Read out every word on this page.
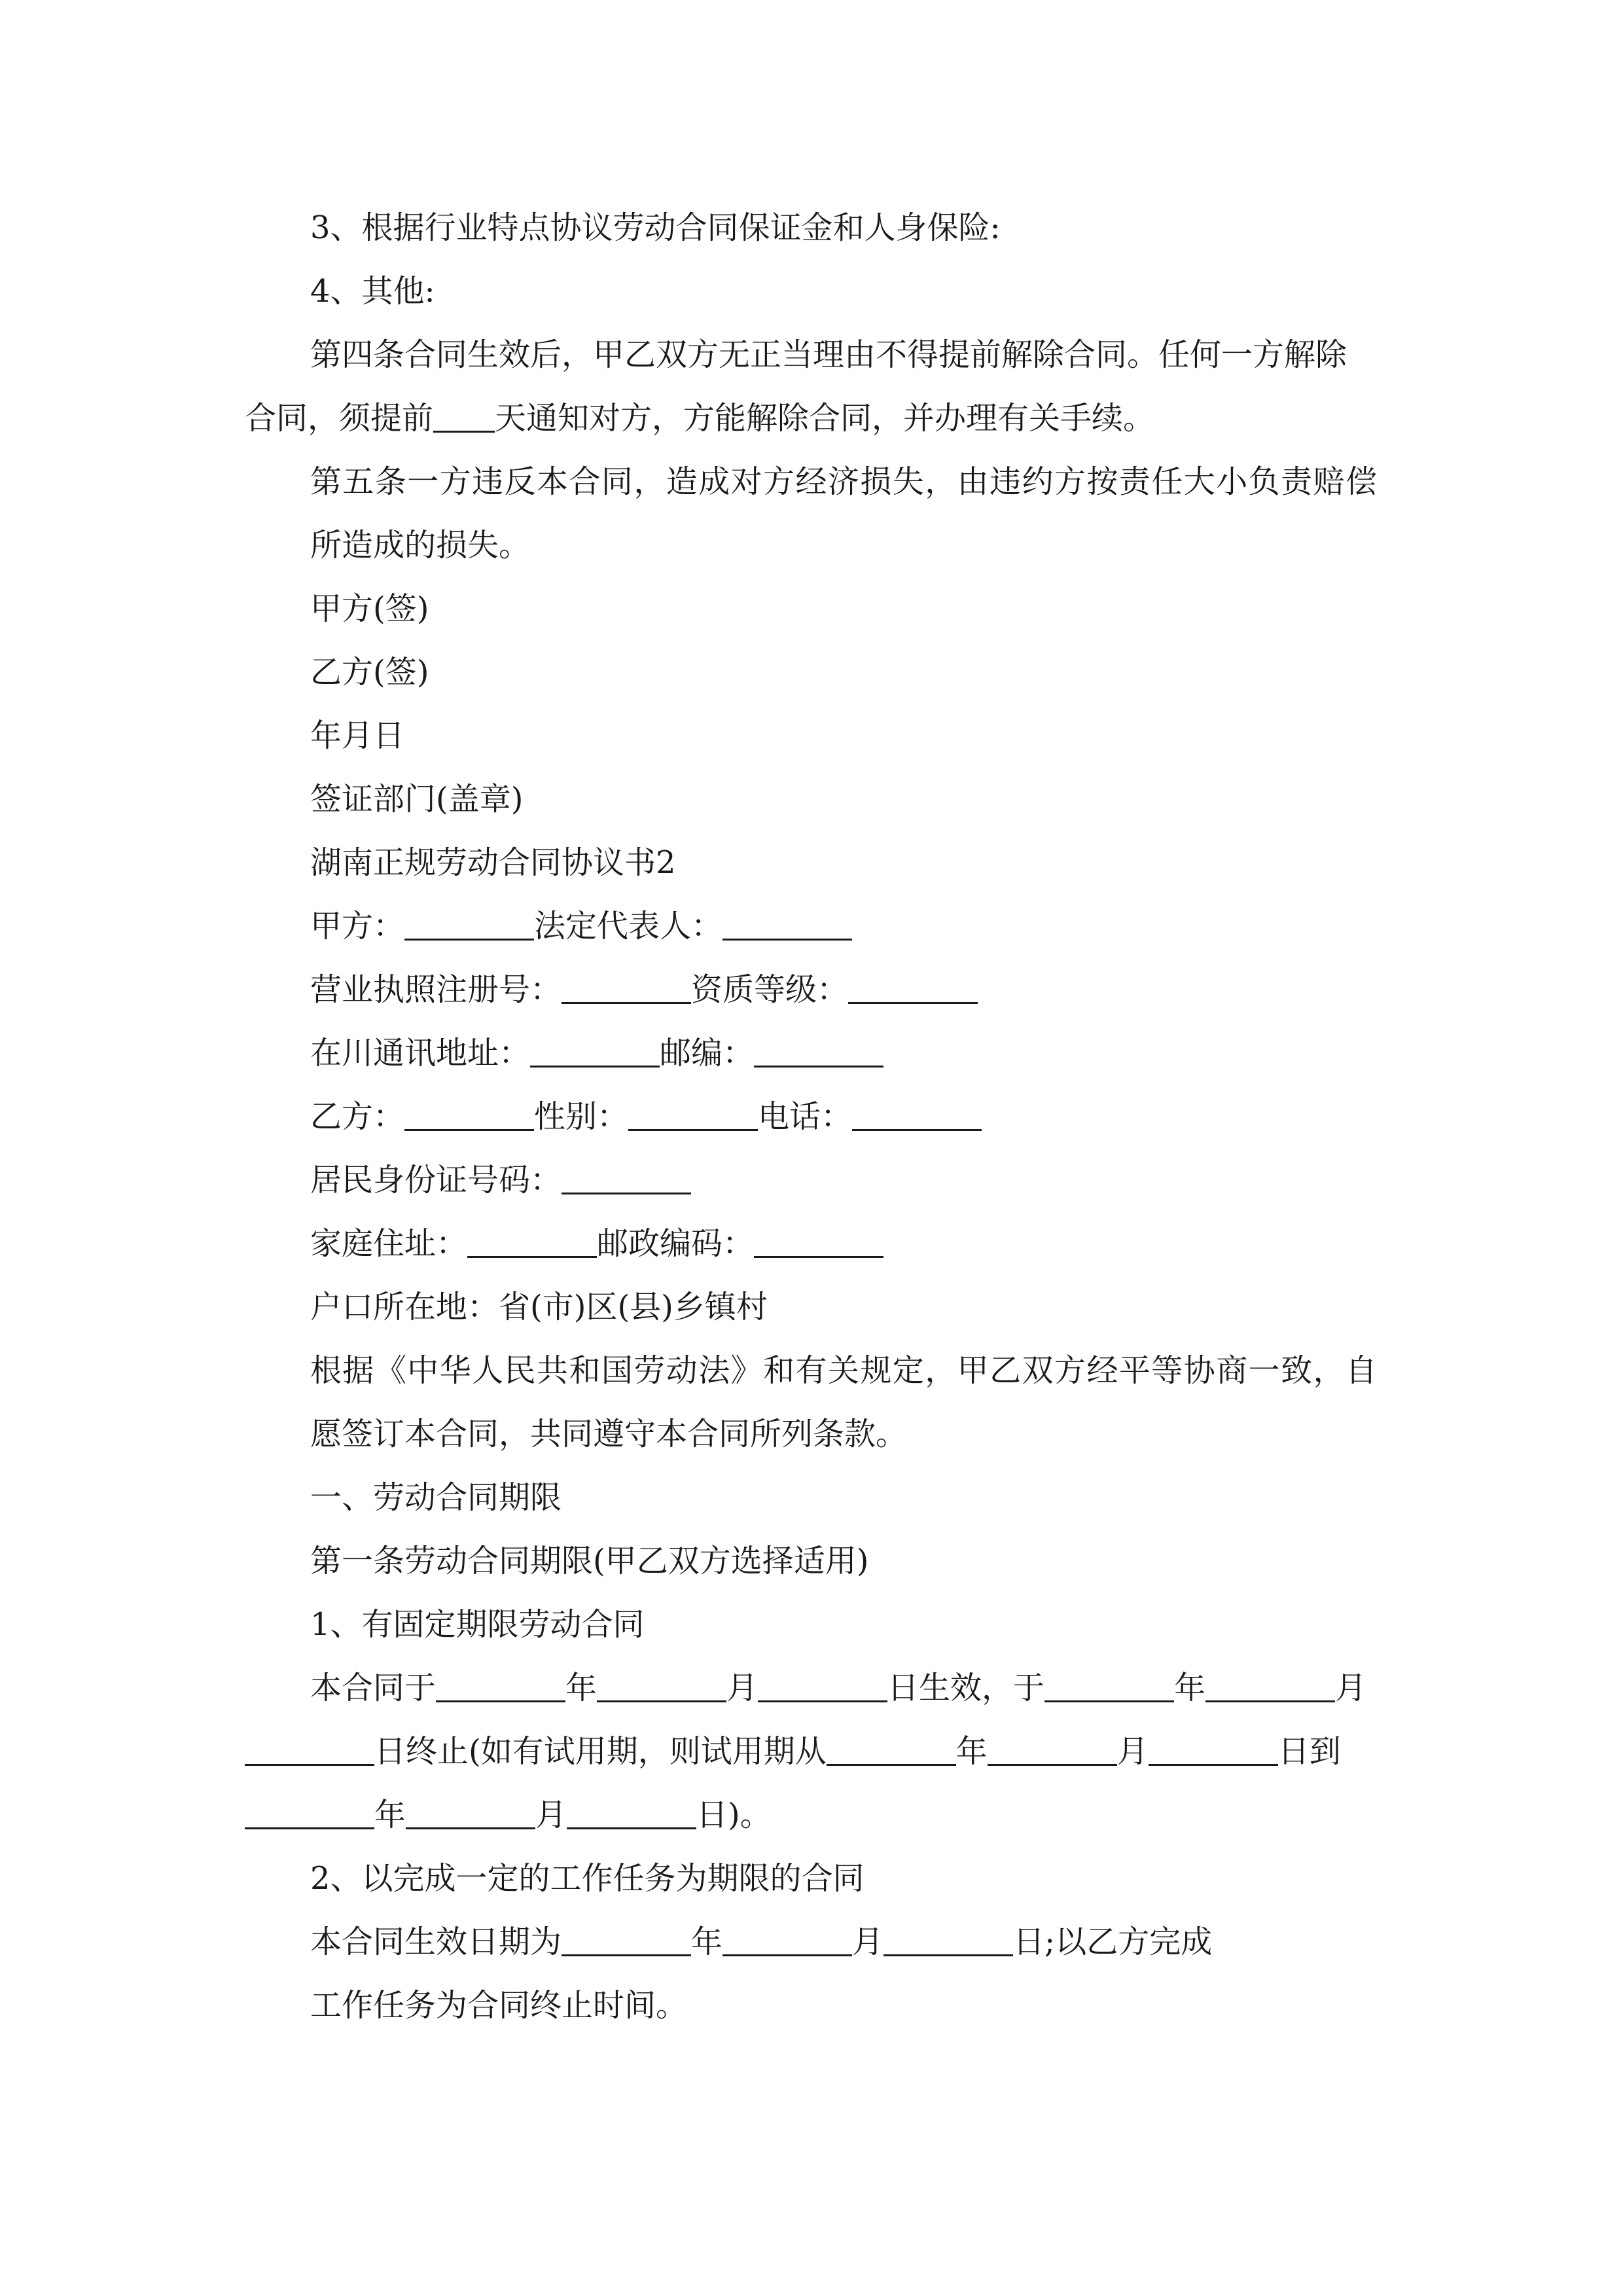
3、根据行业特点协议劳动合同保证金和人身保险:

4、其他:

第四条合同生效后，甲乙双方无正当理由不得提前解除合同。任何一方解除

合同，须提前 天通知对方，方能解除合同，并办理有关手续。

第五条一方违反本合同，造成对方经济损失，由违约方按责任大小负责赔偿所造成的损失。

甲方(签)

乙方(签)

年月日

签证部门(盖章)

湖南正规劳动合同协议书2

甲方：	法定代表人：

营业执照注册号：	资质等级：

在川通讯地址：	邮编：

乙方：	性别：	电话：

居民身份证号码：

家庭住址：	邮政编码：

户口所在地：省(市)区(县)乡镇村

根据《中华人民共和国劳动法》和有关规定，甲乙双方经平等协商一致，自愿签订本合同，共同遵守本合同所列条款。

一、劳动合同期限

第一条劳动合同期限(甲乙双方选择适用)

1、有固定期限劳动合同

本合同于	年	月	日生效，于	年	月

日终止(如有试用期，则试用期从	年	月	日到

年	月	日)。

2、以完成一定的工作任务为期限的合同

本合同生效日期为	年	月	日;以乙方完成

工作任务为合同终止时间。
